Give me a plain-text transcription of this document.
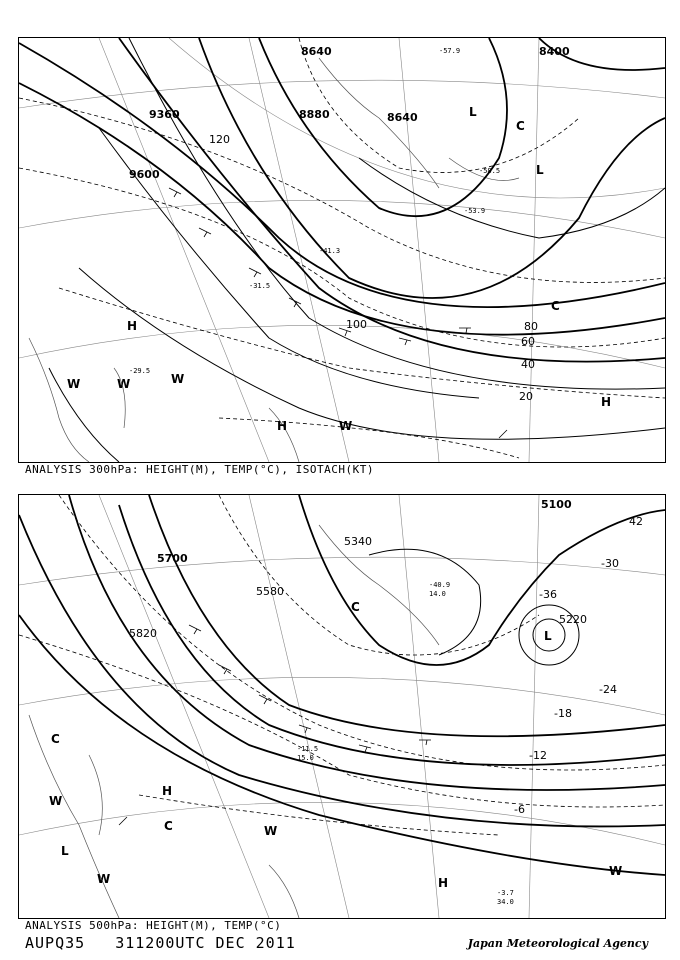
9360
9600
8640
8880	8640
8400
120
100	80
60
40
20
-29.5
-31.5
-41.3
-53.9
-58.5
-57.9
H
H
H
L
L
C
C
W	W	W
W
ANALYSIS 300hPa: HEIGHT(M), TEMP(°C), ISOTACH(KT)
5700
5580
5820
5340
5220
5100
-36
-30
-24
-18
-12
-6
42
-3.7
34.0
-11.5
15.0
-40.9
14.0
H
H
L
L
C
C
C
W
W
W
W
ANALYSIS 500hPa: HEIGHT(M), TEMP(°C)
AUPQ35 311200UTC DEC 2011	Japan Meteorological Agency
